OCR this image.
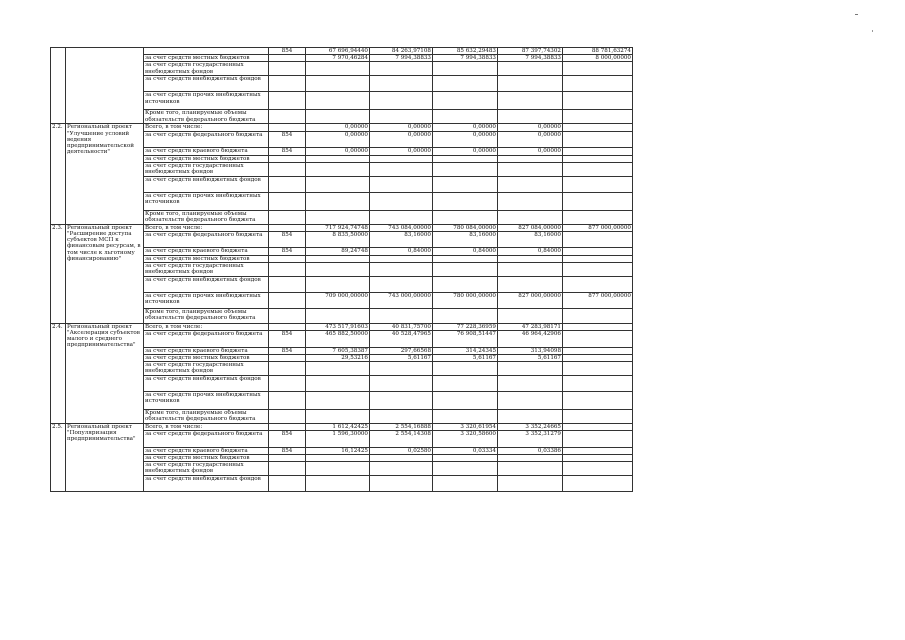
			854	67 696,94440	84 263,97108	85 632,29483	87 397,74302	88 781,63274
		за счет средств местных бюджетов		7 970,46284	7 994,38833	7 994,38833	7 994,38833	8 000,00000
		за счет средств государственных внебюджетных фондов						
		за счет средств внебюджетных фондов						
		за счет средств прочих внебюджетных источников						
		Кроме того, планируемые объемы обязательств федерального бюджета						
2.2.	Региональный проект "Улучшение условий ведения предпринимательской деятельности"	Всего, в том числе:		0,00000	0,00000	0,00000	0,00000	
		за счет средств федерального бюджета	854	0,00000	0,00000	0,00000	0,00000	
		за счет средств краевого бюджета	854	0,00000	0,00000	0,00000	0,00000	
		за счет средств местных бюджетов						
		за счет средств государственных внебюджетных фондов						
		за счет средств внебюджетных фондов						
		за счет средств прочих внебюджетных источников						
		Кроме того, планируемые объемы обязательств федерального бюджета						
2.3.	Региональный проект "Расширение доступа субъектов МСП к финансовым ресурсам, в том числе к льготному финансированию"	Всего, в том числе:		717 924,74748	743 084,00000	780 084,00000	827 084,00000	877 000,00000
		за счет средств федерального бюджета	854	8 835,50000	83,16000	83,16000	83,16000	
		за счет средств краевого бюджета	854	89,24748	0,84000	0,84000	0,84000	
		за счет средств местных бюджетов						
		за счет средств государственных внебюджетных фондов						
		за счет средств внебюджетных фондов						
		за счет средств прочих внебюджетных источников		709 000,00000	743 000,00000	780 000,00000	827 000,00000	877 000,00000
		Кроме того, планируемые объемы обязательств федерального бюджета						
2.4.	Региональный проект "Акселерация субъектов малого и среднего предпринимательства"	Всего, в том числе:		473 517,91603	40 831,75700	77 228,36959	47 283,98171	
		за счет средств федерального бюджета	854	465 882,50000	40 528,47965	76 908,51447	46 964,42906	
		за счет средств краевого бюджета	854	7 605,38387	297,66568	314,24345	313,94098	
		за счет средств местных бюджетов		29,53216	5,61167	5,61167	5,61167	
		за счет средств государственных внебюджетных фондов						
		за счет средств внебюджетных фондов						
		за счет средств прочих внебюджетных источников						
		Кроме того, планируемые объемы обязательств федерального бюджета						
2.5.	Региональный проект "Популяризация предпринимательства"	Всего, в том числе:		1 612,42425	2 554,16888	3 320,61954	3 352,24665	
		за счет средств федерального бюджета	854	1 596,30000	2 554,14308	3 320,58600	3 352,31279	
		за счет средств краевого бюджета	854	16,12425	0,02580	0,03334	0,03386	
		за счет средств местных бюджетов						
		за счет средств государственных внебюджетных фондов						
		за счет средств внебюджетных фондов						
